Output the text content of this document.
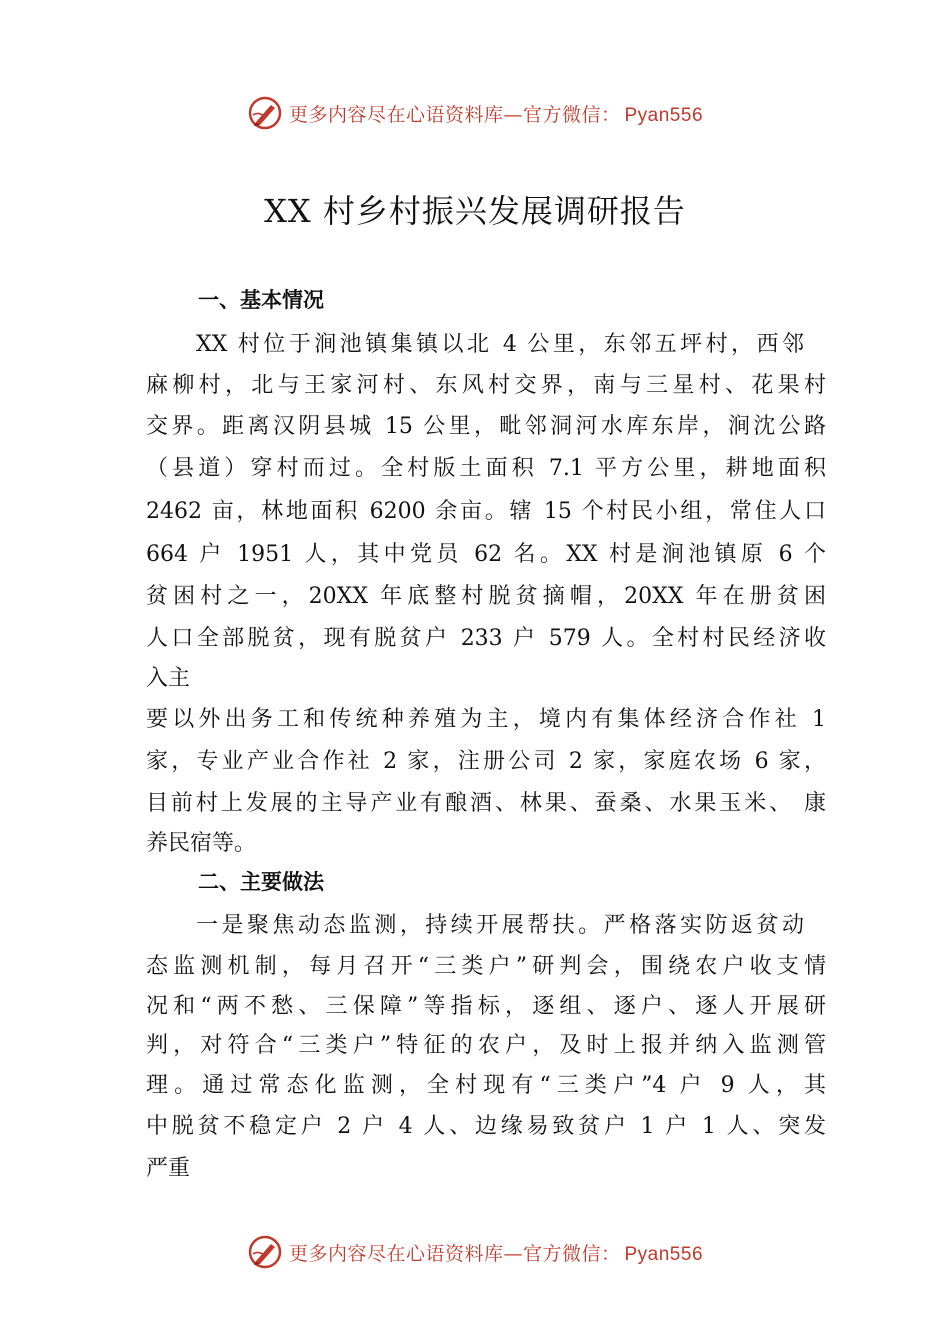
更多内容尽在心语资料库—官方微信： Pyan556
XX 村乡村振兴发展调研报告
一、基本情况
XX 村位于涧池镇集镇以北 4 公里，东邻五坪村，西邻
麻柳村，北与王家河村、东风村交界，南与三星村、花果村
交界。距离汉阴县城 15 公里，毗邻洞河水库东岸，涧沈公路
（县道）穿村而过。全村版土面积 7.1 平方公里，耕地面积
2462 亩，林地面积 6200 余亩。辖 15 个村民小组，常住人口
664 户 1951 人，其中党员 62 名。XX 村是涧池镇原 6 个
贫困村之一，20XX 年底整村脱贫摘帽，20XX 年在册贫困
人口全部脱贫，现有脱贫户 233 户 579 人。全村村民经济收
入主
要以外出务工和传统种养殖为主，境内有集体经济合作社 1
家，专业产业合作社 2 家，注册公司 2 家，家庭农场 6 家，
目前村上发展的主导产业有酿酒、林果、蚕桑、水果玉米、 康
养民宿等。
二、主要做法
一是聚焦动态监测，持续开展帮扶。严格落实防返贫动
态监测机制，每月召开“三类户”研判会，围绕农户收支情
况和“两不愁、三保障”等指标，逐组、逐户、逐人开展研
判，对符合“三类户”特征的农户，及时上报并纳入监测管
理。通过常态化监测，全村现有“三类户”4 户 9 人，其
中脱贫不稳定户 2 户 4 人、边缘易致贫户 1 户 1 人、突发
严重
更多内容尽在心语资料库—官方微信： Pyan556
